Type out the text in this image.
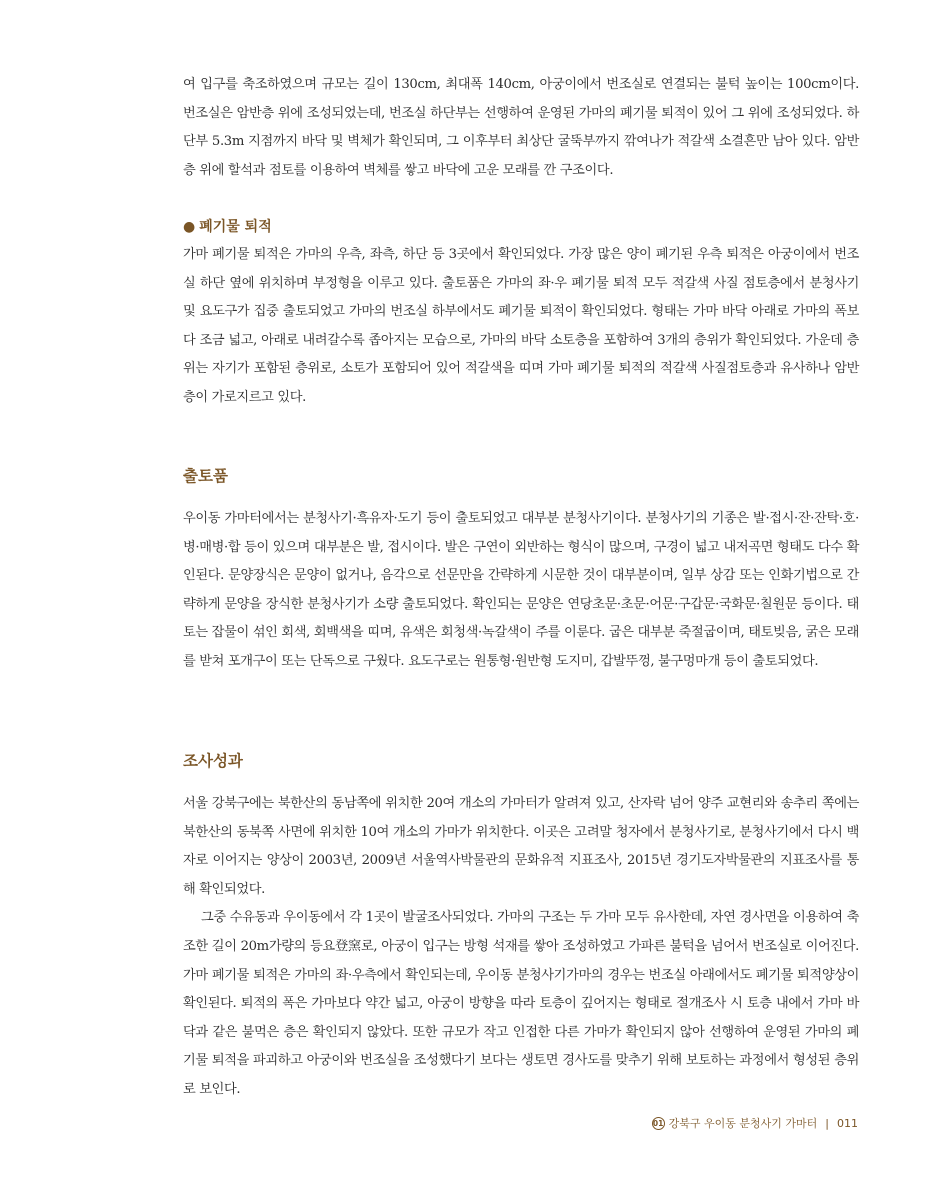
여 입구를 축조하였으며 규모는 길이 130cm, 최대폭 140cm, 아궁이에서 번조실로 연결되는 불턱 높이는 100cm이다. 번조실은 암반층 위에 조성되었는데, 번조실 하단부는 선행하여 운영된 가마의 폐기물 퇴적이 있어 그 위에 조성되었다. 하단부 5.3m 지점까지 바닥 및 벽체가 확인되며, 그 이후부터 최상단 굴뚝부까지 깎여나가 적갈색 소결흔만 남아 있다. 암반층 위에 할석과 점토를 이용하여 벽체를 쌓고 바닥에 고운 모래를 깐 구조이다.

● 폐기물 퇴적

가마 폐기물 퇴적은 가마의 우측, 좌측, 하단 등 3곳에서 확인되었다. 가장 많은 양이 폐기된 우측 퇴적은 아궁이에서 번조실 하단 옆에 위치하며 부정형을 이루고 있다. 출토품은 가마의 좌·우 폐기물 퇴적 모두 적갈색 사질 점토층에서 분청사기 및 요도구가 집중 출토되었고 가마의 번조실 하부에서도 폐기물 퇴적이 확인되었다. 형태는 가마 바닥 아래로 가마의 폭보다 조금 넓고, 아래로 내려갈수록 좁아지는 모습으로, 가마의 바닥 소토층을 포함하여 3개의 층위가 확인되었다. 가운데 층위는 자기가 포함된 층위로, 소토가 포함되어 있어 적갈색을 띠며 가마 폐기물 퇴적의 적갈색 사질점토층과 유사하나 암반층이 가로지르고 있다.

출토품

우이동 가마터에서는 분청사기·흑유자·도기 등이 출토되었고 대부분 분청사기이다. 분청사기의 기종은 발·접시·잔·잔탁·호·병·매병·합 등이 있으며 대부분은 발, 접시이다. 발은 구연이 외반하는 형식이 많으며, 구경이 넓고 내저곡면 형태도 다수 확인된다. 문양장식은 문양이 없거나, 음각으로 선문만을 간략하게 시문한 것이 대부분이며, 일부 상감 또는 인화기법으로 간략하게 문양을 장식한 분청사기가 소량 출토되었다. 확인되는 문양은 연당초문·초문·어문·구갑문·국화문·칠원문 등이다. 태토는 잡물이 섞인 회색, 회백색을 띠며, 유색은 회청색·녹갈색이 주를 이룬다. 굽은 대부분 죽절굽이며, 태토빚음, 굵은 모래를 받쳐 포개구이 또는 단독으로 구웠다. 요도구로는 원통형·원반형 도지미, 갑발뚜껑, 불구멍마개 등이 출토되었다.

조사성과

서울 강북구에는 북한산의 동남쪽에 위치한 20여 개소의 가마터가 알려져 있고, 산자락 넘어 양주 교현리와 송추리 쪽에는 북한산의 동북쪽 사면에 위치한 10여 개소의 가마가 위치한다. 이곳은 고려말 청자에서 분청사기로, 분청사기에서 다시 백자로 이어지는 양상이 2003년, 2009년 서울역사박물관의 문화유적 지표조사, 2015년 경기도자박물관의 지표조사를 통해 확인되었다.

그중 수유동과 우이동에서 각 1곳이 발굴조사되었다. 가마의 구조는 두 가마 모두 유사한데, 자연 경사면을 이용하여 축조한 길이 20m가량의 등요登窯로, 아궁이 입구는 방형 석재를 쌓아 조성하였고 가파른 불턱을 넘어서 번조실로 이어진다. 가마 폐기물 퇴적은 가마의 좌·우측에서 확인되는데, 우이동 분청사기가마의 경우는 번조실 아래에서도 폐기물 퇴적양상이 확인된다. 퇴적의 폭은 가마보다 약간 넓고, 아궁이 방향을 따라 토층이 깊어지는 형태로 절개조사 시 토층 내에서 가마 바닥과 같은 불먹은 층은 확인되지 않았다. 또한 규모가 작고 인접한 다른 가마가 확인되지 않아 선행하여 운영된 가마의 폐기물 퇴적을 파괴하고 아궁이와 번조실을 조성했다기 보다는 생토면 경사도를 맞추기 위해 보토하는 과정에서 형성된 층위로 보인다.

01 강북구 우이동 분청사기 가마터 | 011
